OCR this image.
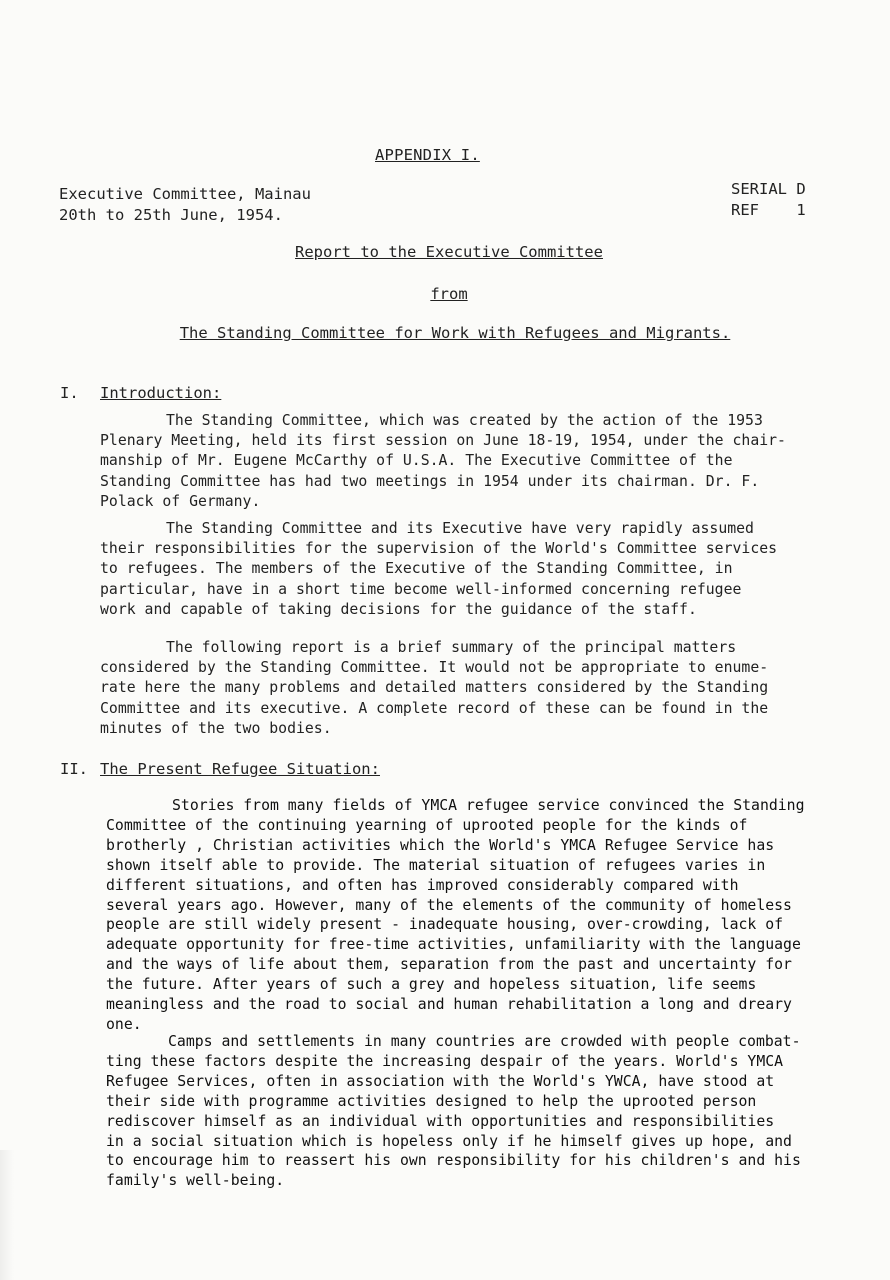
APPENDIX I.
Executive Committee, Mainau
20th to 25th June, 1954.
SERIAL D
REF    1
Report to the Executive Committee
from
The Standing Committee for Work with Refugees and Migrants.
I. Introduction:
The Standing Committee, which was created by the action of the 1953
Plenary Meeting, held its first session on June 18-19, 1954, under the chair-
manship of Mr. Eugene McCarthy of U.S.A. The Executive Committee of the
Standing Committee has had two meetings in 1954 under its chairman. Dr. F.
Polack of Germany.
The Standing Committee and its Executive have very rapidly assumed
their responsibilities for the supervision of the World's Committee services
to refugees. The members of the Executive of the Standing Committee, in
particular, have in a short time become well-informed concerning refugee
work and capable of taking decisions for the guidance of the staff.
The following report is a brief summary of the principal matters
considered by the Standing Committee. It would not be appropriate to enume-
rate here the many problems and detailed matters considered by the Standing
Committee and its executive. A complete record of these can be found in the
minutes of the two bodies.
II. The Present Refugee Situation:
Stories from many fields of YMCA refugee service convinced the Standing
Committee of the continuing yearning of uprooted people for the kinds of
brotherly , Christian activities which the World's YMCA Refugee Service has
shown itself able to provide. The material situation of refugees varies in
different situations, and often has improved considerably compared with
several years ago. However, many of the elements of the community of homeless
people are still widely present - inadequate housing, over-crowding, lack of
adequate opportunity for free-time activities, unfamiliarity with the language
and the ways of life about them, separation from the past and uncertainty for
the future. After years of such a grey and hopeless situation, life seems
meaningless and the road to social and human rehabilitation a long and dreary
one.
Camps and settlements in many countries are crowded with people combat-
ting these factors despite the increasing despair of the years. World's YMCA
Refugee Services, often in association with the World's YWCA, have stood at
their side with programme activities designed to help the uprooted person
rediscover himself as an individual with opportunities and responsibilities
in a social situation which is hopeless only if he himself gives up hope, and
to encourage him to reassert his own responsibility for his children's and his
family's well-being.
